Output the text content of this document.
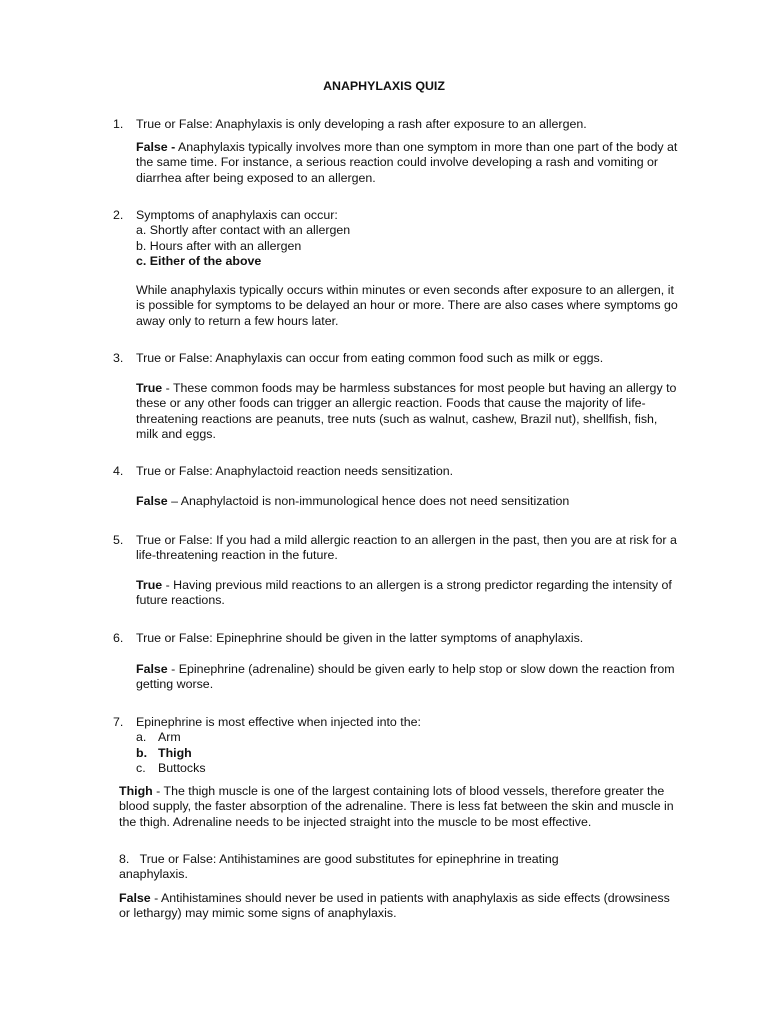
ANAPHYLAXIS QUIZ
1. True or False: Anaphylaxis is only developing a rash after exposure to an allergen.
False - Anaphylaxis typically involves more than one symptom in more than one part of the body at the same time. For instance, a serious reaction could involve developing a rash and vomiting or diarrhea after being exposed to an allergen.
2. Symptoms of anaphylaxis can occur:
a. Shortly after contact with an allergen
b. Hours after with an allergen
c. Either of the above
While anaphylaxis typically occurs within minutes or even seconds after exposure to an allergen, it is possible for symptoms to be delayed an hour or more. There are also cases where symptoms go away only to return a few hours later.
3. True or False: Anaphylaxis can occur from eating common food such as milk or eggs.
True - These common foods may be harmless substances for most people but having an allergy to these or any other foods can trigger an allergic reaction. Foods that cause the majority of life-threatening reactions are peanuts, tree nuts (such as walnut, cashew, Brazil nut), shellfish, fish, milk and eggs.
4. True or False: Anaphylactoid reaction needs sensitization.
False – Anaphylactoid is non-immunological hence does not need sensitization
5. True or False: If you had a mild allergic reaction to an allergen in the past, then you are at risk for a life-threatening reaction in the future.
True - Having previous mild reactions to an allergen is a strong predictor regarding the intensity of future reactions.
6. True or False: Epinephrine should be given in the latter symptoms of anaphylaxis.
False - Epinephrine (adrenaline) should be given early to help stop or slow down the reaction from getting worse.
7. Epinephrine is most effective when injected into the:
a. Arm
b. Thigh
c. Buttocks
Thigh - The thigh muscle is one of the largest containing lots of blood vessels, therefore greater the blood supply, the faster absorption of the adrenaline. There is less fat between the skin and muscle in the thigh. Adrenaline needs to be injected straight into the muscle to be most effective.
8. True or False: Antihistamines are good substitutes for epinephrine in treating anaphylaxis.
False - Antihistamines should never be used in patients with anaphylaxis as side effects (drowsiness or lethargy) may mimic some signs of anaphylaxis.
